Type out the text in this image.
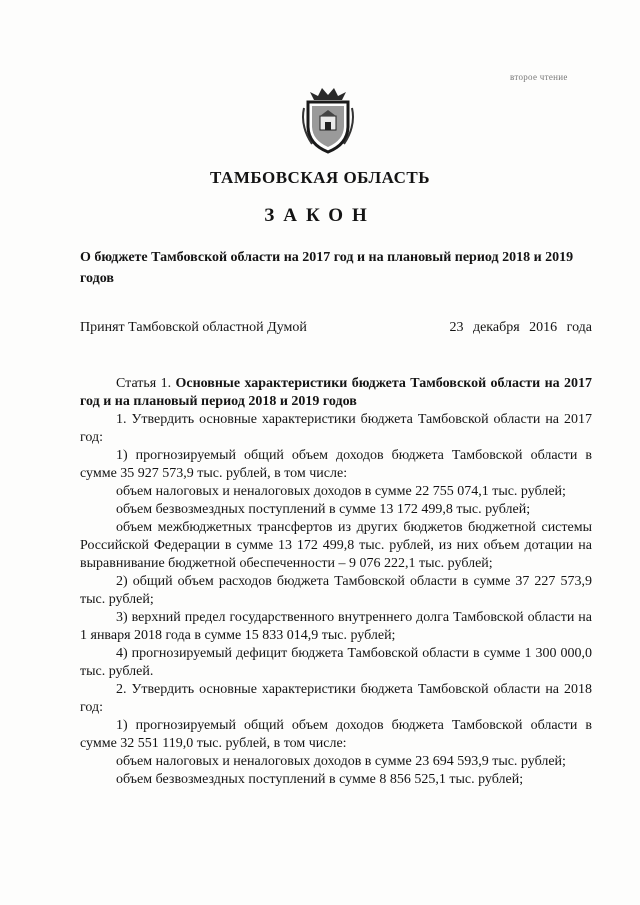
второе чтение
ТАМБОВСКАЯ ОБЛАСТЬ
ЗАКОН

О бюджете Тамбовской области на 2017 год и на плановый период 2018 и 2019 годов

Принят Тамбовской областной Думой	23 декабря 2016 года

Статья 1. Основные характеристики бюджета Тамбовской области на 2017 год и на плановый период 2018 и 2019 годов

1. Утвердить основные характеристики бюджета Тамбовской области на 2017 год:

1) прогнозируемый общий объем доходов бюджета Тамбовской области в сумме 35 927 573,9 тыс. рублей, в том числе:

объем налоговых и неналоговых доходов в сумме 22 755 074,1 тыс. рублей;

объем безвозмездных поступлений в сумме 13 172 499,8 тыс. рублей;

объем межбюджетных трансфертов из других бюджетов бюджетной системы Российской Федерации в сумме 13 172 499,8 тыс. рублей, из них объем дотации на выравнивание бюджетной обеспеченности – 9 076 222,1 тыс. рублей;

2) общий объем расходов бюджета Тамбовской области в сумме 37 227 573,9 тыс. рублей;

3) верхний предел государственного внутреннего долга Тамбовской области на 1 января 2018 года в сумме 15 833 014,9 тыс. рублей;

4) прогнозируемый дефицит бюджета Тамбовской области в сумме 1 300 000,0 тыс. рублей.

2. Утвердить основные характеристики бюджета Тамбовской области на 2018 год:

1) прогнозируемый общий объем доходов бюджета Тамбовской области в сумме 32 551 119,0 тыс. рублей, в том числе:

объем налоговых и неналоговых доходов в сумме 23 694 593,9 тыс. рублей;

объем безвозмездных поступлений в сумме 8 856 525,1 тыс. рублей;
